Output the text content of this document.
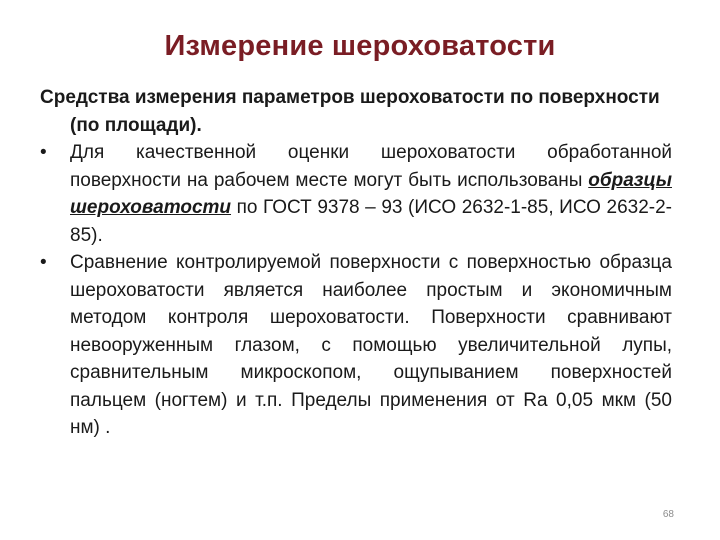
Измерение шероховатости
Средства измерения параметров шероховатости по поверхности (по площади).
•	Для качественной оценки шероховатости обработанной поверхности на рабочем месте могут быть использованы образцы шероховатости по ГОСТ 9378 – 93 (ИСО 2632-1-85, ИСО 2632-2-85).
•	Сравнение контролируемой поверхности с поверхностью образца шероховатости является наиболее простым и экономичным методом контроля шероховатости. Поверхности сравнивают невооруженным глазом, с помощью увеличительной лупы, сравнительным микроскопом, ощупыванием поверхностей пальцем (ногтем) и т.п. Пределы применения от Ra 0,05 мкм (50 нм) .
68
